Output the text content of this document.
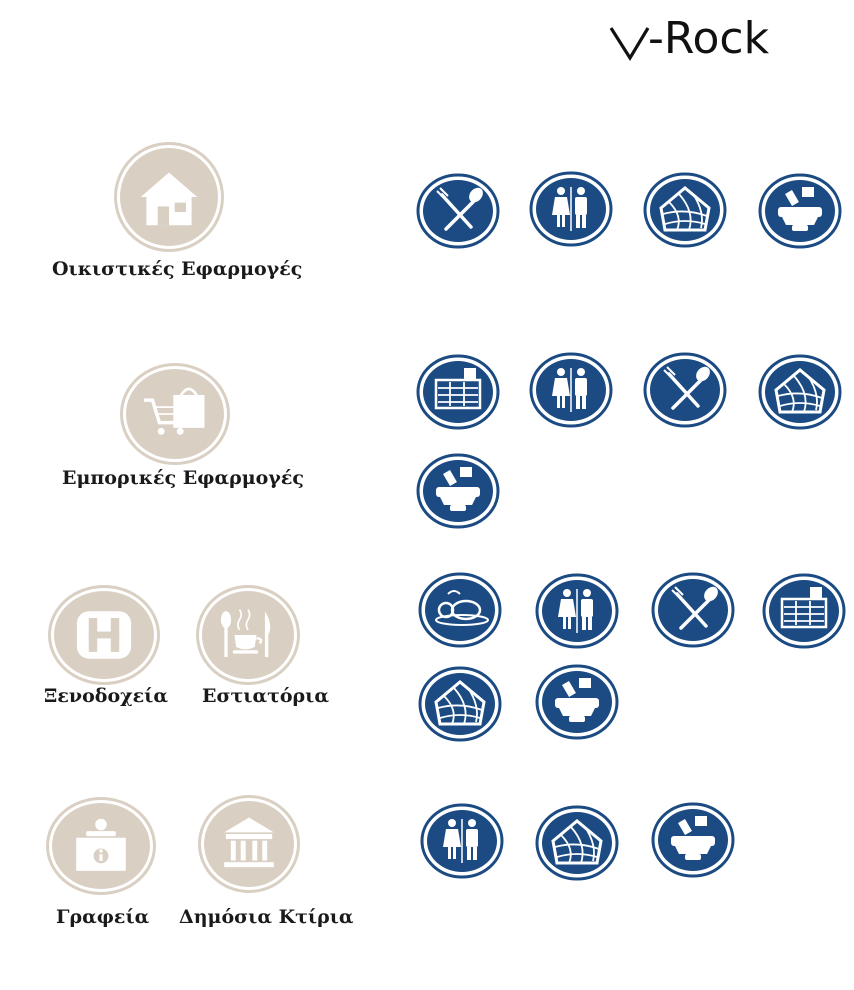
-Rock
Οικιστικές Εφαρμογές
Εμπορικές Εφαρμογές
Ξενοδοχεία Εστιατόρια
Γραφεία Δημόσια Κτίρια
